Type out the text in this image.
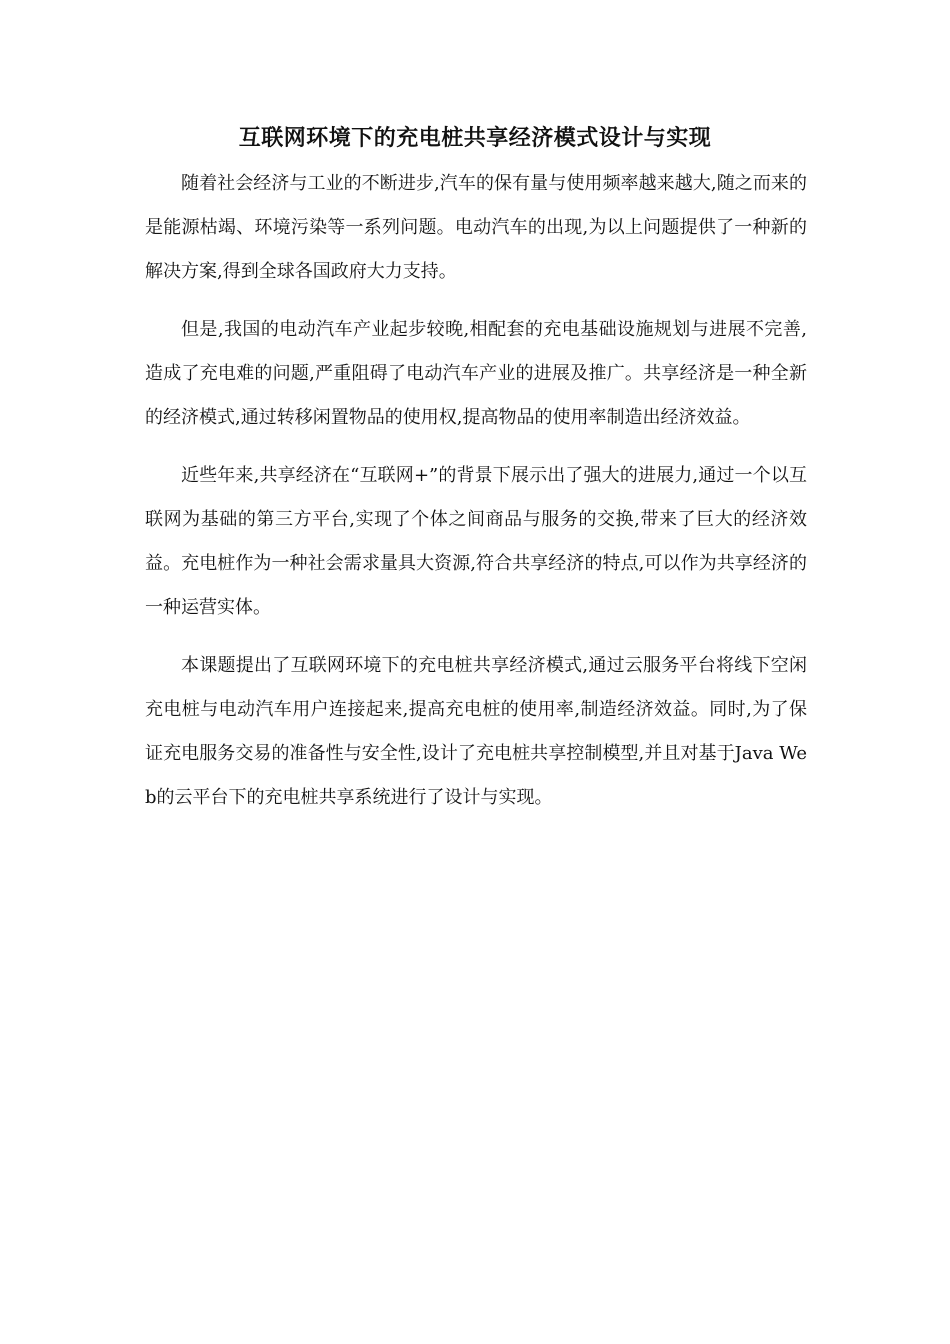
互联网环境下的充电桩共享经济模式设计与实现

随着社会经济与工业的不断进步,汽车的保有量与使用频率越来越大,随之而来的是能源枯竭、环境污染等一系列问题。电动汽车的出现,为以上问题提供了一种新的解决方案,得到全球各国政府大力支持。

但是,我国的电动汽车产业起步较晚,相配套的充电基础设施规划与进展不完善,造成了充电难的问题,严重阻碍了电动汽车产业的进展及推广。共享经济是一种全新的经济模式,通过转移闲置物品的使用权,提高物品的使用率制造出经济效益。

近些年来,共享经济在“互联网+”的背景下展示出了强大的进展力,通过一个以互联网为基础的第三方平台,实现了个体之间商品与服务的交换,带来了巨大的经济效益。充电桩作为一种社会需求量具大资源,符合共享经济的特点,可以作为共享经济的一种运营实体。

本课题提出了互联网环境下的充电桩共享经济模式,通过云服务平台将线下空闲充电桩与电动汽车用户连接起来,提高充电桩的使用率,制造经济效益。同时,为了保证充电服务交易的准备性与安全性,设计了充电桩共享控制模型,并且对基于Java Web的云平台下的充电桩共享系统进行了设计与实现。
